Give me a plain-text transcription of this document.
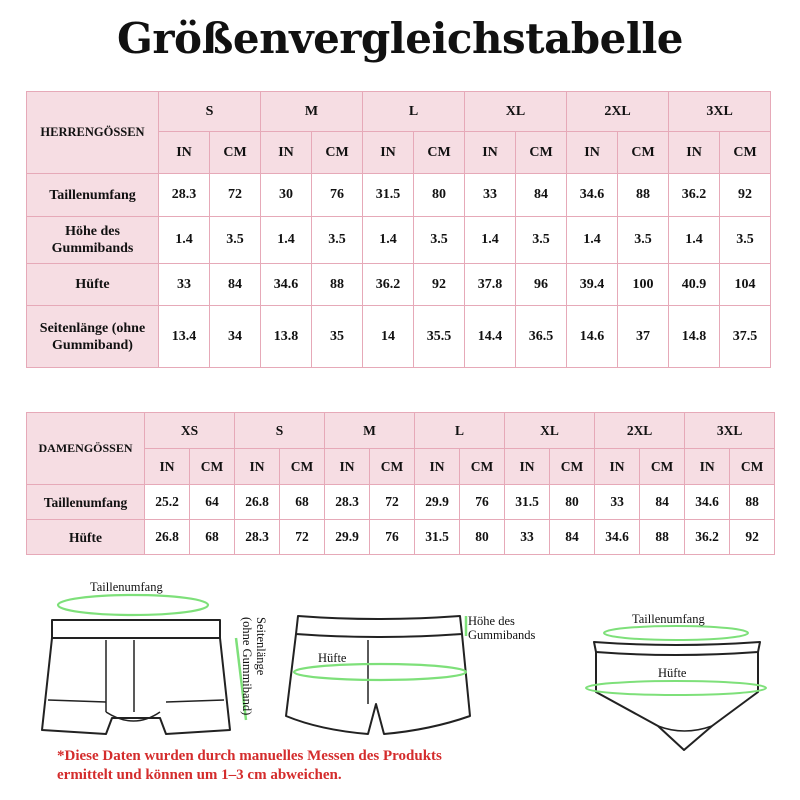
Größenvergleichstabelle
HERRENGÖSSEN	S		M		L		XL		2XL		3XL	
	IN	CM	IN	CM	IN	CM	IN	CM	IN	CM	IN	CM
Taillenumfang	28.3	72	30	76	31.5	80	33	84	34.6	88	36.2	92
Höhe des Gummibands	1.4	3.5	1.4	3.5	1.4	3.5	1.4	3.5	1.4	3.5	1.4	3.5
Hüfte	33	84	34.6	88	36.2	92	37.8	96	39.4	100	40.9	104
Seitenlänge (ohne Gummiband)	13.4	34	13.8	35	14	35.5	14.4	36.5	14.6	37	14.8	37.5
DAMENGÖSSEN	XS		S		M		L		XL		2XL		3XL	
	IN	CM	IN	CM	IN	CM	IN	CM	IN	CM	IN	CM	IN	CM
Taillenumfang	25.2	64	26.8	68	28.3	72	29.9	76	31.5	80	33	84	34.6	88
Hüfte	26.8	68	28.3	72	29.9	76	31.5	80	33	84	34.6	88	36.2	92
Taillenumfang
Seitenlänge
(ohne Gummiband)	Höhe des
Gummibands
Hüfte
Taillenumfang
Hüfte
*Diese Daten wurden durch manuelles Messen des Produkts ermittelt und können um 1–3 cm abweichen.
